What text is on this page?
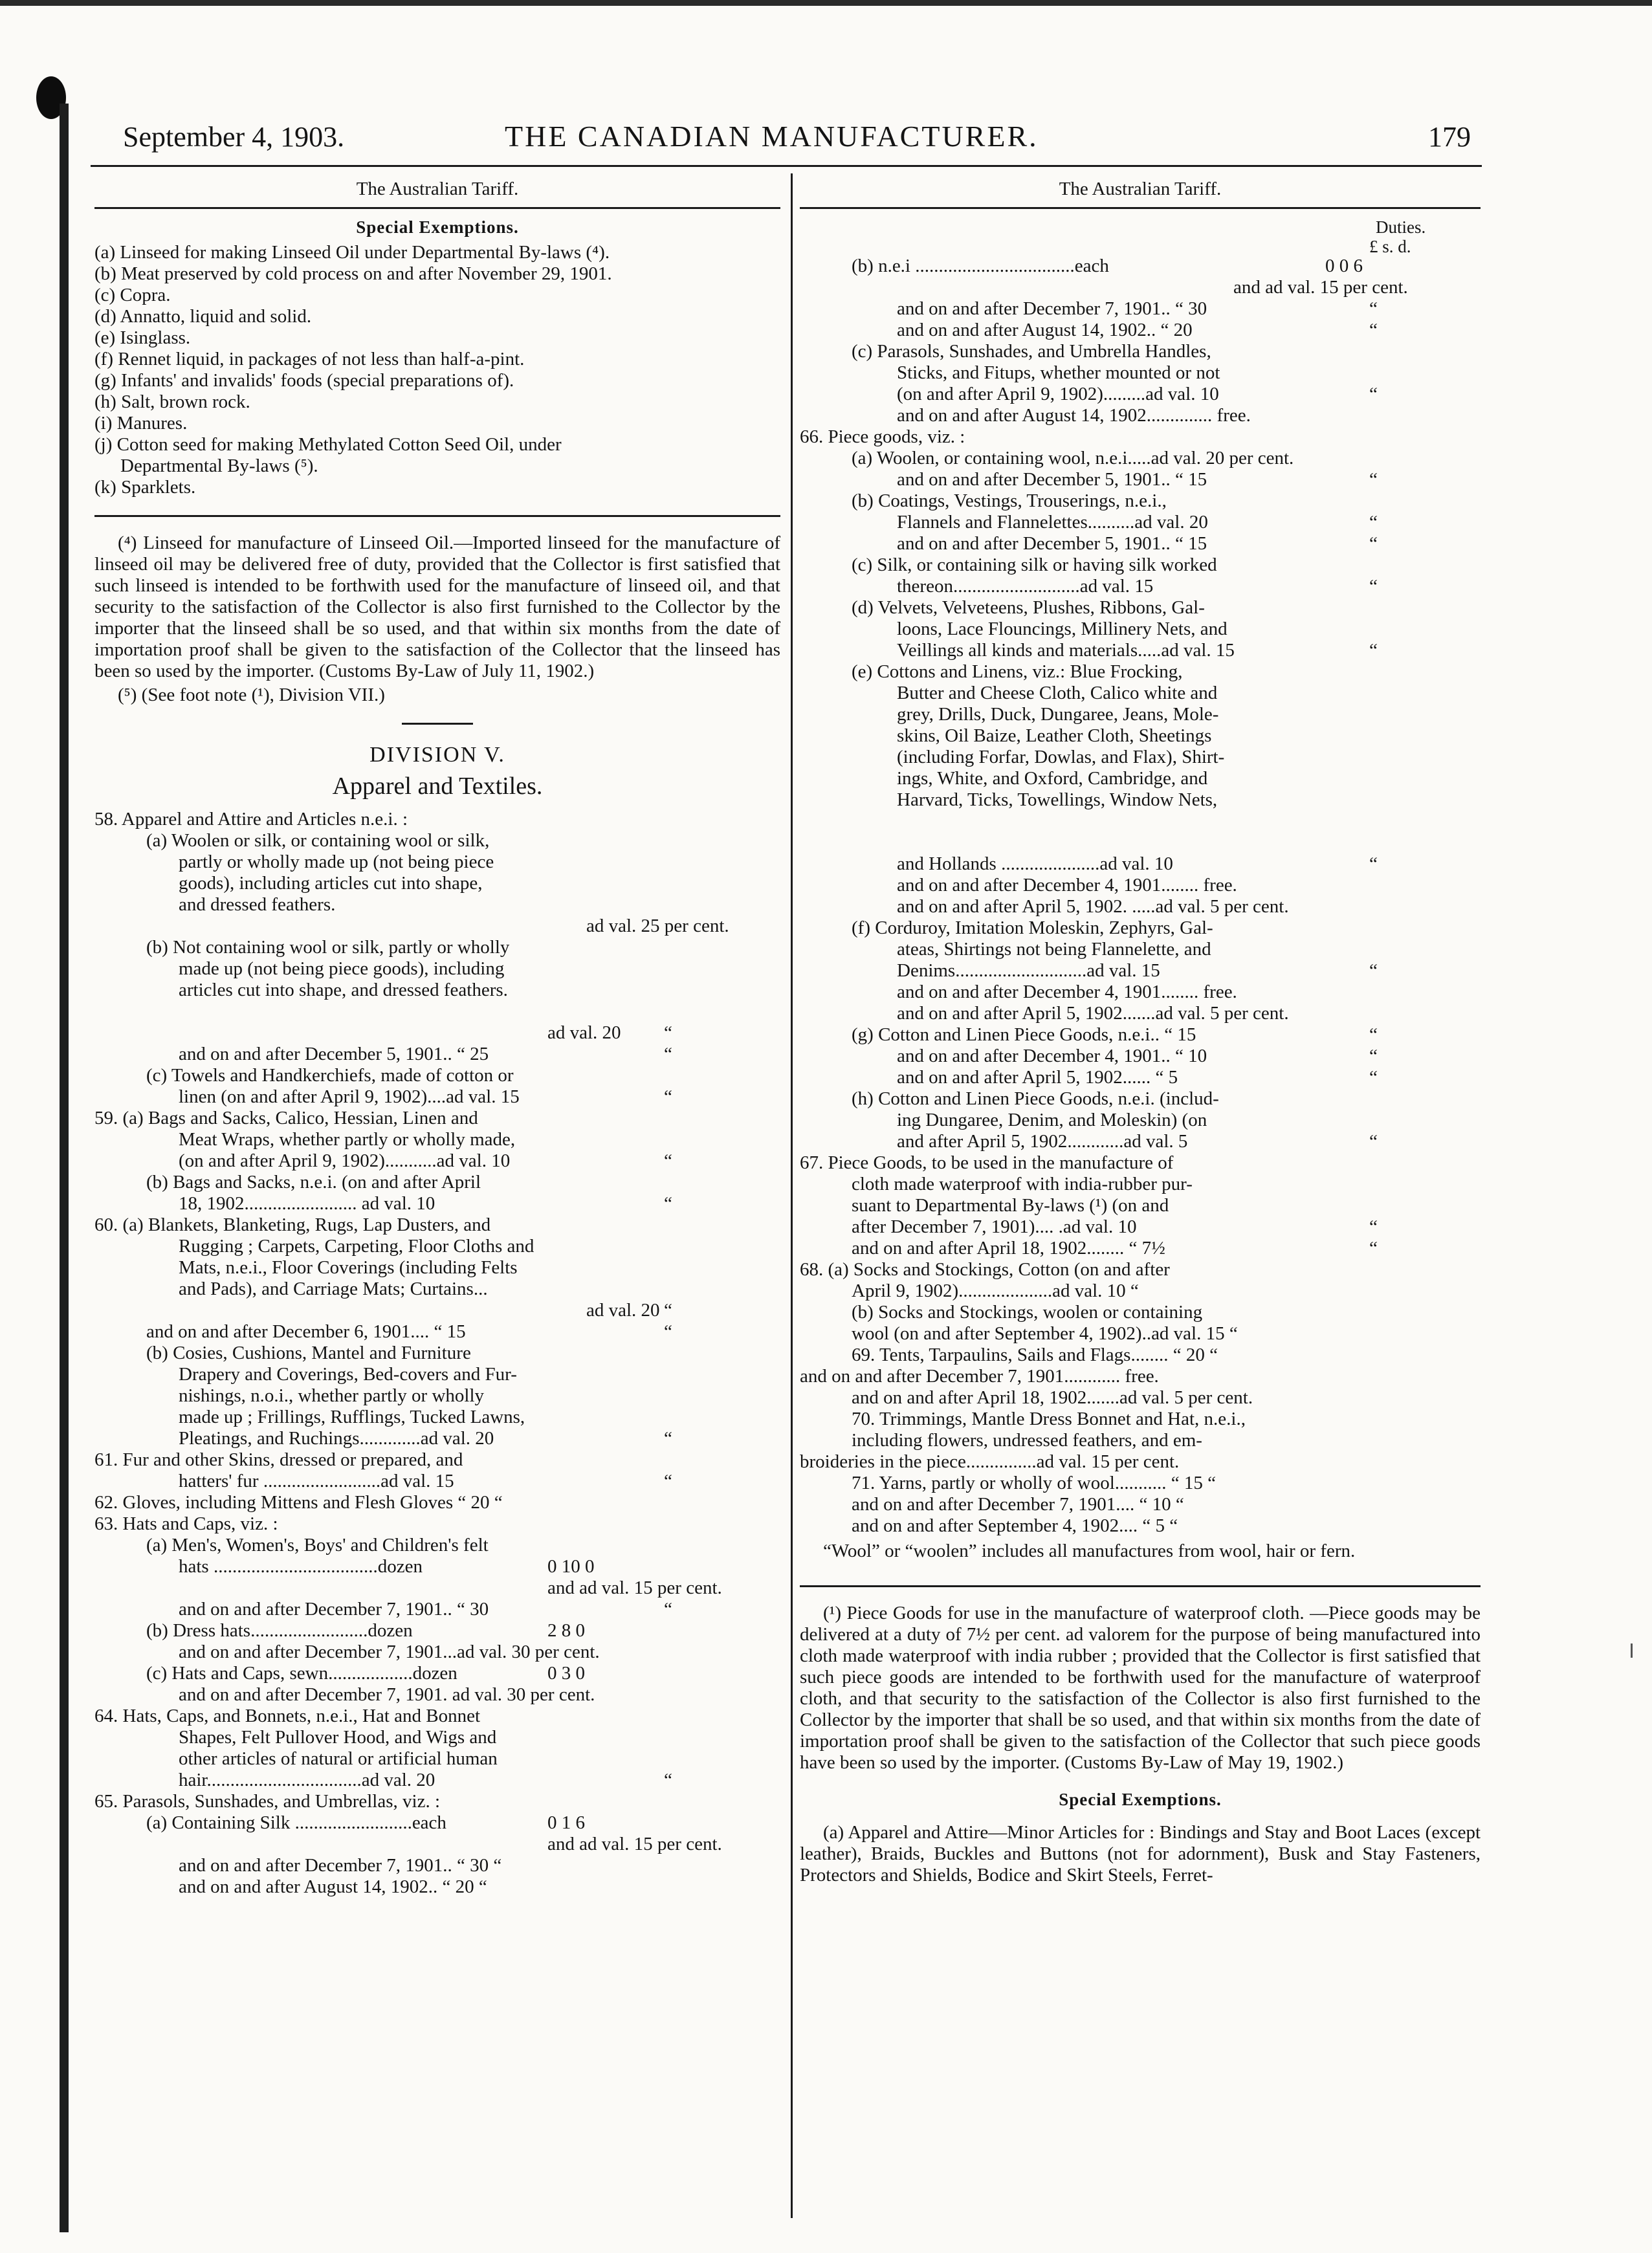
September 4, 1903.	THE CANADIAN MANUFACTURER.	179
The Australian Tariff.
Special Exemptions.
(a) Linseed for making Linseed Oil under Departmental By-laws (⁴).
(b) Meat preserved by cold process on and after November 29, 1901.
(c) Copra.
(d) Annatto, liquid and solid.
(e) Isinglass.
(f) Rennet liquid, in packages of not less than half-a-pint.
(g) Infants' and invalids' foods (special preparations of).
(h) Salt, brown rock.
(i) Manures.
(j) Cotton seed for making Methylated Cotton Seed Oil, under
Departmental By-laws (⁵).
(k) Sparklets.

(⁴) Linseed for manufacture of Linseed Oil.—Imported linseed for the manufacture of linseed oil may be delivered free of duty, provided that the Collector is first satisfied that such linseed is intended to be forthwith used for the manufacture of linseed oil, and that security to the satisfaction of the Collector is also first furnished to the Collector by the importer that the linseed shall be so used, and that within six months from the date of importation proof shall be given to the satisfaction of the Collector that the linseed has been so used by the importer. (Customs By-Law of July 11, 1902.)

(⁵) (See foot note (¹), Division VII.)

DIVISION V.
Apparel and Textiles.
58. Apparel and Attire and Articles n.e.i. :
(a) Woolen or silk, or containing wool or silk,
partly or wholly made up (not being piece
goods), including articles cut into shape,
and dressed feathers.
ad val. 25 per cent.
(b) Not containing wool or silk, partly or wholly
made up (not being piece goods), including
articles cut into shape, and dressed feathers.
ad val. 20 “
and on and after December 5, 1901.. “ 25	“
(c) Towels and Handkerchiefs, made of cotton or
linen (on and after April 9, 1902)....ad val. 15	“
59. (a) Bags and Sacks, Calico, Hessian, Linen and
Meat Wraps, whether partly or wholly made,
(on and after April 9, 1902)...........ad val. 10	“
(b) Bags and Sacks, n.e.i. (on and after April
18, 1902........................ ad val. 10	“
60. (a) Blankets, Blanketing, Rugs, Lap Dusters, and
Rugging ; Carpets, Carpeting, Floor Cloths and
Mats, n.e.i., Floor Coverings (including Felts
and Pads), and Carriage Mats; Curtains...
ad val. 20 “
and on and after December 6, 1901.... “ 15	“
(b) Cosies, Cushions, Mantel and Furniture
Drapery and Coverings, Bed-covers and Fur-
nishings, n.o.i., whether partly or wholly
made up ; Frillings, Rufflings, Tucked Lawns,
Pleatings, and Ruchings.............ad val. 20	“
61. Fur and other Skins, dressed or prepared, and
hatters' fur .........................ad val. 15	“
62. Gloves, including Mittens and Flesh Gloves “ 20 “
63. Hats and Caps, viz. :
(a) Men's, Women's, Boys' and Children's felt
hats ...................................dozen	0 10 0
and ad val. 15 per cent.
and on and after December 7, 1901.. “ 30	“
(b) Dress hats.........................dozen	2 8 0
and on and after December 7, 1901...ad val. 30 per cent.
(c) Hats and Caps, sewn..................dozen	0 3 0
and on and after December 7, 1901. ad val. 30 per cent.
64. Hats, Caps, and Bonnets, n.e.i., Hat and Bonnet
Shapes, Felt Pullover Hood, and Wigs and
other articles of natural or artificial human
hair.................................ad val. 20	“
65. Parasols, Sunshades, and Umbrellas, viz. :
(a) Containing Silk .........................each	0 1 6
and ad val. 15 per cent.
and on and after December 7, 1901.. “ 30 “
and on and after August 14, 1902.. “ 20 “
The Australian Tariff.
Duties.
£ s. d.
(b) n.e.i ..................................each	0 0 6
and ad val. 15 per cent.
and on and after December 7, 1901.. “ 30	“
and on and after August 14, 1902.. “ 20	“
(c) Parasols, Sunshades, and Umbrella Handles,
Sticks, and Fitups, whether mounted or not
(on and after April 9, 1902).........ad val. 10	“
and on and after August 14, 1902.............. free.
66. Piece goods, viz. :
(a) Woolen, or containing wool, n.e.i.....ad val. 20 per cent.
and on and after December 5, 1901.. “ 15	“
(b) Coatings, Vestings, Trouserings, n.e.i.,
Flannels and Flannelettes..........ad val. 20	“
and on and after December 5, 1901.. “ 15	“
(c) Silk, or containing silk or having silk worked
thereon...........................ad val. 15	“
(d) Velvets, Velveteens, Plushes, Ribbons, Gal-
loons, Lace Flouncings, Millinery Nets, and
Veillings all kinds and materials.....ad val. 15	“
(e) Cottons and Linens, viz.: Blue Frocking,
Butter and Cheese Cloth, Calico white and
grey, Drills, Duck, Dungaree, Jeans, Mole-
skins, Oil Baize, Leather Cloth, Sheetings
(including Forfar, Dowlas, and Flax), Shirt-
ings, White, and Oxford, Cambridge, and
Harvard, Ticks, Towellings, Window Nets,
and Hollands .....................ad val. 10	“
and on and after December 4, 1901........ free.
and on and after April 5, 1902. .....ad val. 5 per cent.
(f) Corduroy, Imitation Moleskin, Zephyrs, Gal-
ateas, Shirtings not being Flannelette, and
Denims............................ad val. 15	“
and on and after December 4, 1901........ free.
and on and after April 5, 1902.......ad val. 5 per cent.
(g) Cotton and Linen Piece Goods, n.e.i.. “ 15	“
and on and after December 4, 1901.. “ 10	“
and on and after April 5, 1902...... “ 5	“
(h) Cotton and Linen Piece Goods, n.e.i. (includ-
ing Dungaree, Denim, and Moleskin) (on
and after April 5, 1902............ad val. 5	“
67. Piece Goods, to be used in the manufacture of
cloth made waterproof with india-rubber pur-
suant to Departmental By-laws (¹) (on and
after December 7, 1901).... .ad val. 10	“
and on and after April 18, 1902........ “ 7½	“
68. (a) Socks and Stockings, Cotton (on and after
April 9, 1902)....................ad val. 10 “
(b) Socks and Stockings, woolen or containing
wool (on and after September 4, 1902)..ad val. 15 “
69. Tents, Tarpaulins, Sails and Flags........ “ 20 “
and on and after December 7, 1901............ free.
and on and after April 18, 1902.......ad val. 5 per cent.
70. Trimmings, Mantle Dress Bonnet and Hat, n.e.i.,
including flowers, undressed feathers, and em-
broideries in the piece...............ad val. 15 per cent.
71. Yarns, partly or wholly of wool........... “ 15 “
and on and after December 7, 1901.... “ 10 “
and on and after September 4, 1902.... “ 5 “

“Wool” or “woolen” includes all manufactures from wool, hair or fern.

(¹) Piece Goods for use in the manufacture of waterproof cloth. —Piece goods may be delivered at a duty of 7½ per cent. ad valorem for the purpose of being manufactured into cloth made waterproof with india rubber ; provided that the Collector is first satisfied that such piece goods are intended to be forthwith used for the manufacture of waterproof cloth, and that security to the satisfaction of the Collector is also first furnished to the Collector by the importer that shall be so used, and that within six months from the date of importation proof shall be given to the satisfaction of the Collector that such piece goods have been so used by the importer. (Customs By-Law of May 19, 1902.)

Special Exemptions.

(a) Apparel and Attire—Minor Articles for : Bindings and Stay and Boot Laces (except leather), Braids, Buckles and Buttons (not for adornment), Busk and Stay Fasteners, Protectors and Shields, Bodice and Skirt Steels, Ferret-
